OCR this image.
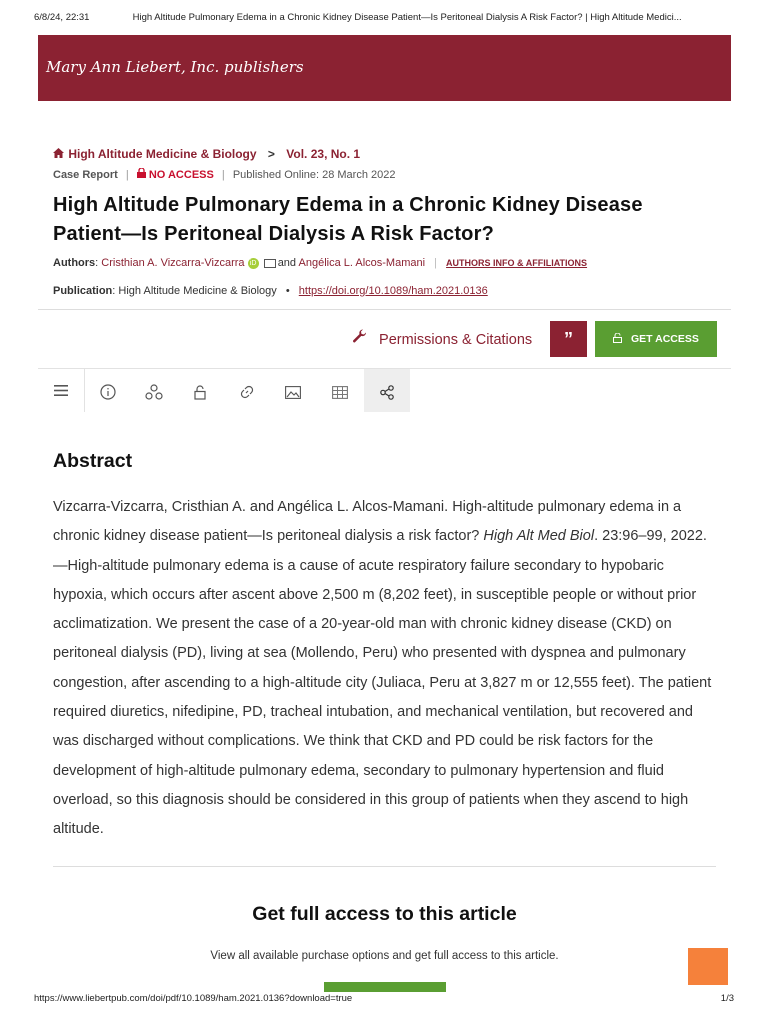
6/8/24, 22:31	High Altitude Pulmonary Edema in a Chronic Kidney Disease Patient—Is Peritoneal Dialysis A Risk Factor? | High Altitude Medici...
Mary Ann Liebert, Inc. publishers
High Altitude Medicine & Biology > Vol. 23, No. 1
Case Report | NO ACCESS | Published Online: 28 March 2022
High Altitude Pulmonary Edema in a Chronic Kidney Disease Patient—Is Peritoneal Dialysis A Risk Factor?
Authors: Cristhian A. Vizcarra-Vizcarra iD and Angélica L. Alcos-Mamani | AUTHORS INFO & AFFILIATIONS
Publication: High Altitude Medicine & Biology • https://doi.org/10.1089/ham.2021.0136
Permissions & Citations	”	GET ACCESS
Abstract
Vizcarra-Vizcarra, Cristhian A. and Angélica L. Alcos-Mamani. High-altitude pulmonary edema in a chronic kidney disease patient—Is peritoneal dialysis a risk factor? High Alt Med Biol. 23:96–99, 2022.—High-altitude pulmonary edema is a cause of acute respiratory failure secondary to hypobaric hypoxia, which occurs after ascent above 2,500 m (8,202 feet), in susceptible people or without prior acclimatization. We present the case of a 20-year-old man with chronic kidney disease (CKD) on peritoneal dialysis (PD), living at sea (Mollendo, Peru) who presented with dyspnea and pulmonary congestion, after ascending to a high-altitude city (Juliaca, Peru at 3,827 m or 12,555 feet). The patient required diuretics, nifedipine, PD, tracheal intubation, and mechanical ventilation, but recovered and was discharged without complications. We think that CKD and PD could be risk factors for the development of high-altitude pulmonary edema, secondary to pulmonary hypertension and fluid overload, so this diagnosis should be considered in this group of patients when they ascend to high altitude.
Get full access to this article
View all available purchase options and get full access to this article.
https://www.liebertpub.com/doi/pdf/10.1089/ham.2021.0136?download=true	1/3
